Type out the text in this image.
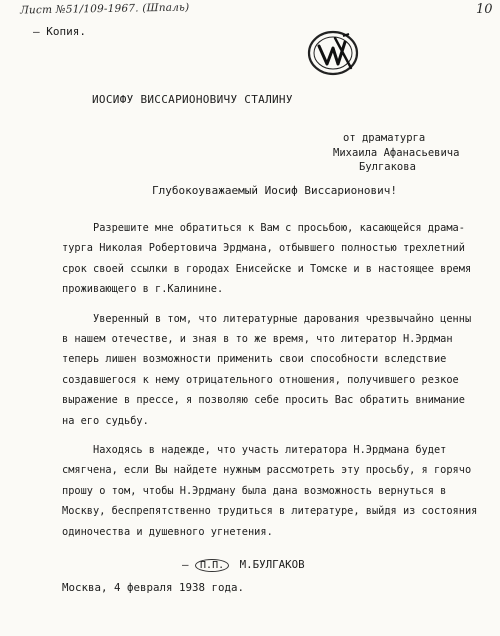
Лист №51/109-1967. (Шпаль)	10
— Копия.
ИОСИФУ ВИССАРИОНОВИЧУ СТАЛИНУ
от драматурга
Михаила Афанасьевича
Булгакова
Глубокоуважаемый Иосиф Виссарионович!
Разрешите мне обратиться к Вам с просьбою, касающейся драма-
турга Николая Робертовича Эрдмана, отбывшего полностью трехлетний
срок своей ссылки в городах Енисейске и Томске и в настоящее время
проживающего в г.Калинине.
Уверенный в том, что литературные дарования чрезвычайно ценны
в нашем отечестве, и зная в то же время, что литератор Н.Эрдман
теперь лишен возможности применить свои способности вследствие
создавшегося к нему отрицательного отношения, получившего резкое
выражение в прессе, я позволяю себе просить Вас обратить внимание
на его судьбу.
Находясь в надежде, что участь литератора Н.Эрдмана будет
смягчена, если Вы найдете нужным рассмотреть эту просьбу, я горячо
прошу о том, чтобы Н.Эрдману была дана возможность вернуться в
Москву, беспрепятственно трудиться в литературе, выйдя из состояния
одиночества и душевного угнетения.
— П.П. М.БУЛГАКОВ
Москва, 4 февраля 1938 года.
